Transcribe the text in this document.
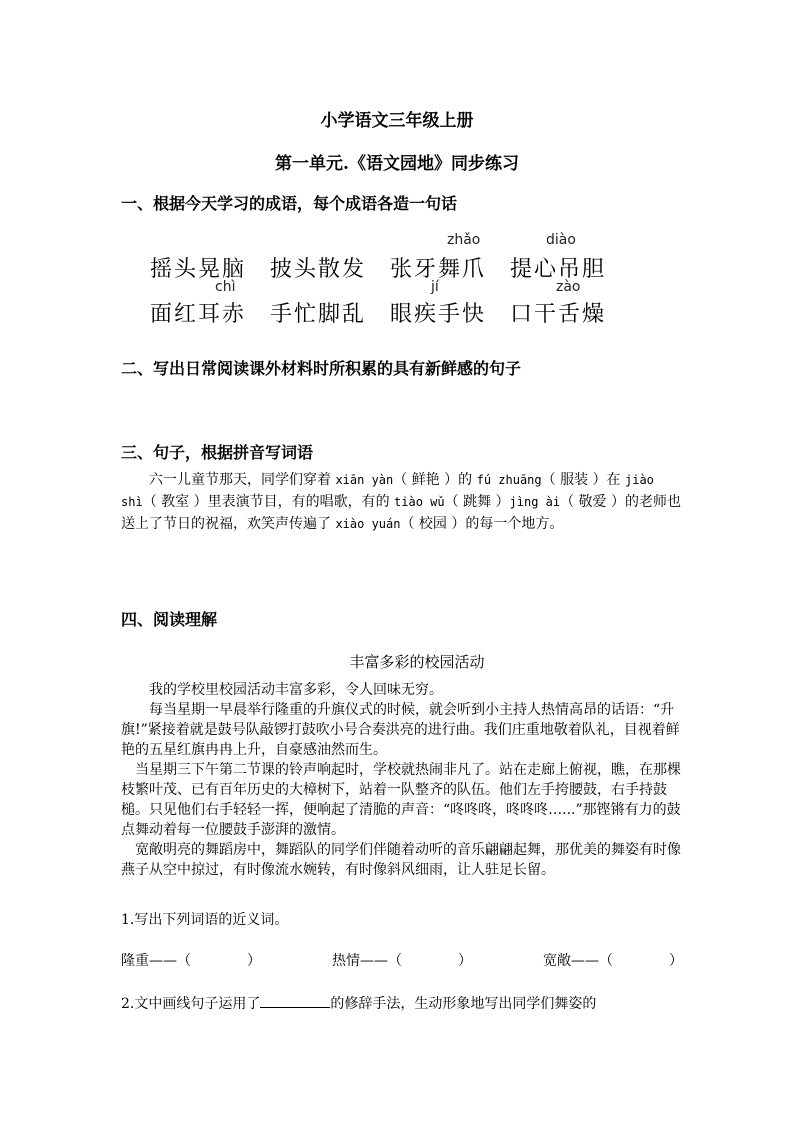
小学语文三年级上册
第一单元.《语文园地》同步练习
一、根据今天学习的成语，每个成语各造一句话
zhǎo	diào
摇头晃脑 披头散发 张牙舞爪 提心吊胆
chì	jí	zào
面红耳赤 手忙脚乱 眼疾手快 口干舌燥
二、写出日常阅读课外材料时所积累的具有新鲜感的句子
三、句子，根据拼音写词语
六一儿童节那天，同学们穿着 xiān yàn（ 鲜艳 ）的 fú zhuāng（ 服装 ）在 jiào shì（ 教室 ）里表演节目，有的唱歌，有的 tiào wǔ（ 跳舞 ）jìng ài（ 敬爱 ）的老师也送上了节日的祝福，欢笑声传遍了 xiào yuán（ 校园 ）的每一个地方。
四、阅读理解
丰富多彩的校园活动

我的学校里校园活动丰富多彩，令人回味无穷。

每当星期一早晨举行隆重的升旗仪式的时候，就会听到小主持人热情高昂的话语：“升旗!”紧接着就是鼓号队敲锣打鼓吹小号合奏洪亮的进行曲。我们庄重地敬着队礼，目视着鲜艳的五星红旗冉冉上升，自豪感油然而生。

当星期三下午第二节课的铃声响起时，学校就热闹非凡了。站在走廊上俯视，瞧，在那棵枝繁叶茂、已有百年历史的大樟树下，站着一队整齐的队伍。他们左手挎腰鼓，右手持鼓槌。只见他们右手轻轻一挥，便响起了清脆的声音：“咚咚咚，咚咚咚…...”那铿锵有力的鼓点舞动着每一位腰鼓手澎湃的激情。

宽敞明亮的舞蹈房中，舞蹈队的同学们伴随着动听的音乐翩翩起舞，那优美的舞姿有时像燕子从空中掠过，有时像流水婉转，有时像斜风细雨，让人驻足长留。

1.写出下列词语的近义词。
隆重——（　　　　）	热情——（　　　　）	宽敞——（　　　　）
2.文中画线句子运用了	的修辞手法，生动形象地写出同学们舞姿的
